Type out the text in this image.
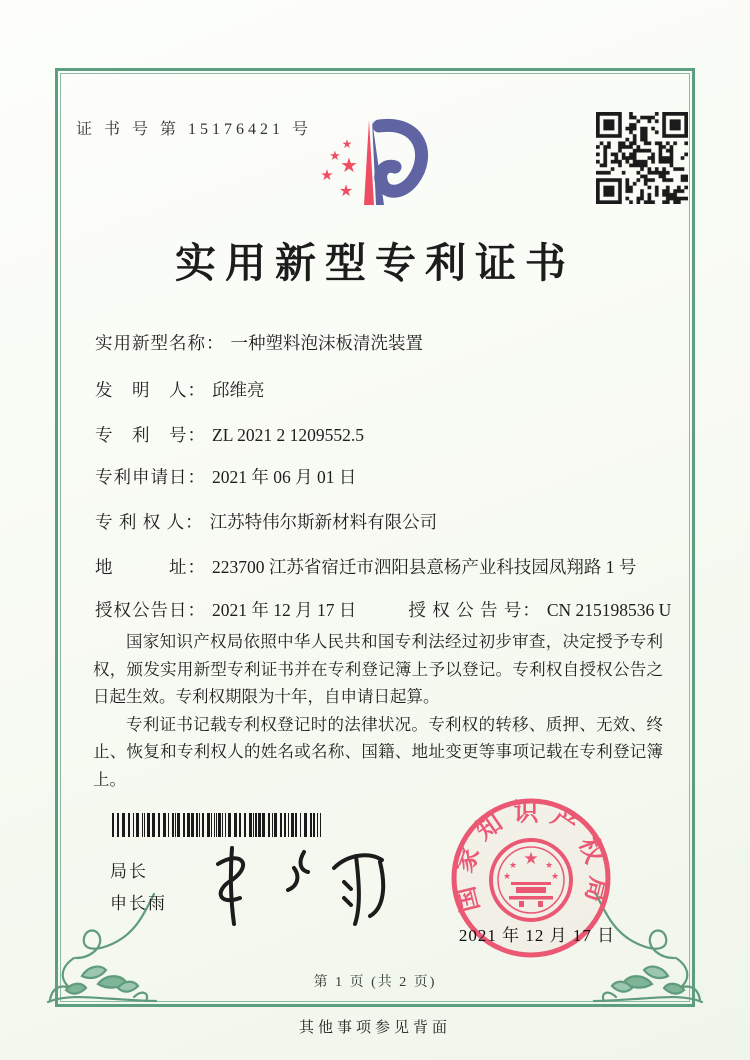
证 书 号 第 15176421 号
★
★ ★
★
★
实用新型专利证书
实用新型名称： 一种塑料泡沫板清洗装置
发　明　人： 邱维亮
专　利　号： ZL 2021 2 1209552.5
专利申请日： 2021 年 06 月 01 日
专 利 权 人： 江苏特伟尔斯新材料有限公司
地　　　址： 223700 江苏省宿迁市泗阳县意杨产业科技园凤翔路 1 号
授权公告日： 2021 年 12 月 17 日	授 权 公 告 号： CN 215198536 U

国家知识产权局依照中华人民共和国专利法经过初步审查，决定授予专利权，颁发实用新型专利证书并在专利登记簿上予以登记。专利权自授权公告之日起生效。专利权期限为十年，自申请日起算。

专利证书记载专利权登记时的法律状况。专利权的转移、质押、无效、终止、恢复和专利权人的姓名或名称、国籍、地址变更等事项记载在专利登记簿上。

局长
申长雨	国家知识产权局
★
★	★
★	★
2021 年 12 月 17 日
第 1 页 (共 2 页)
其他事项参见背面
